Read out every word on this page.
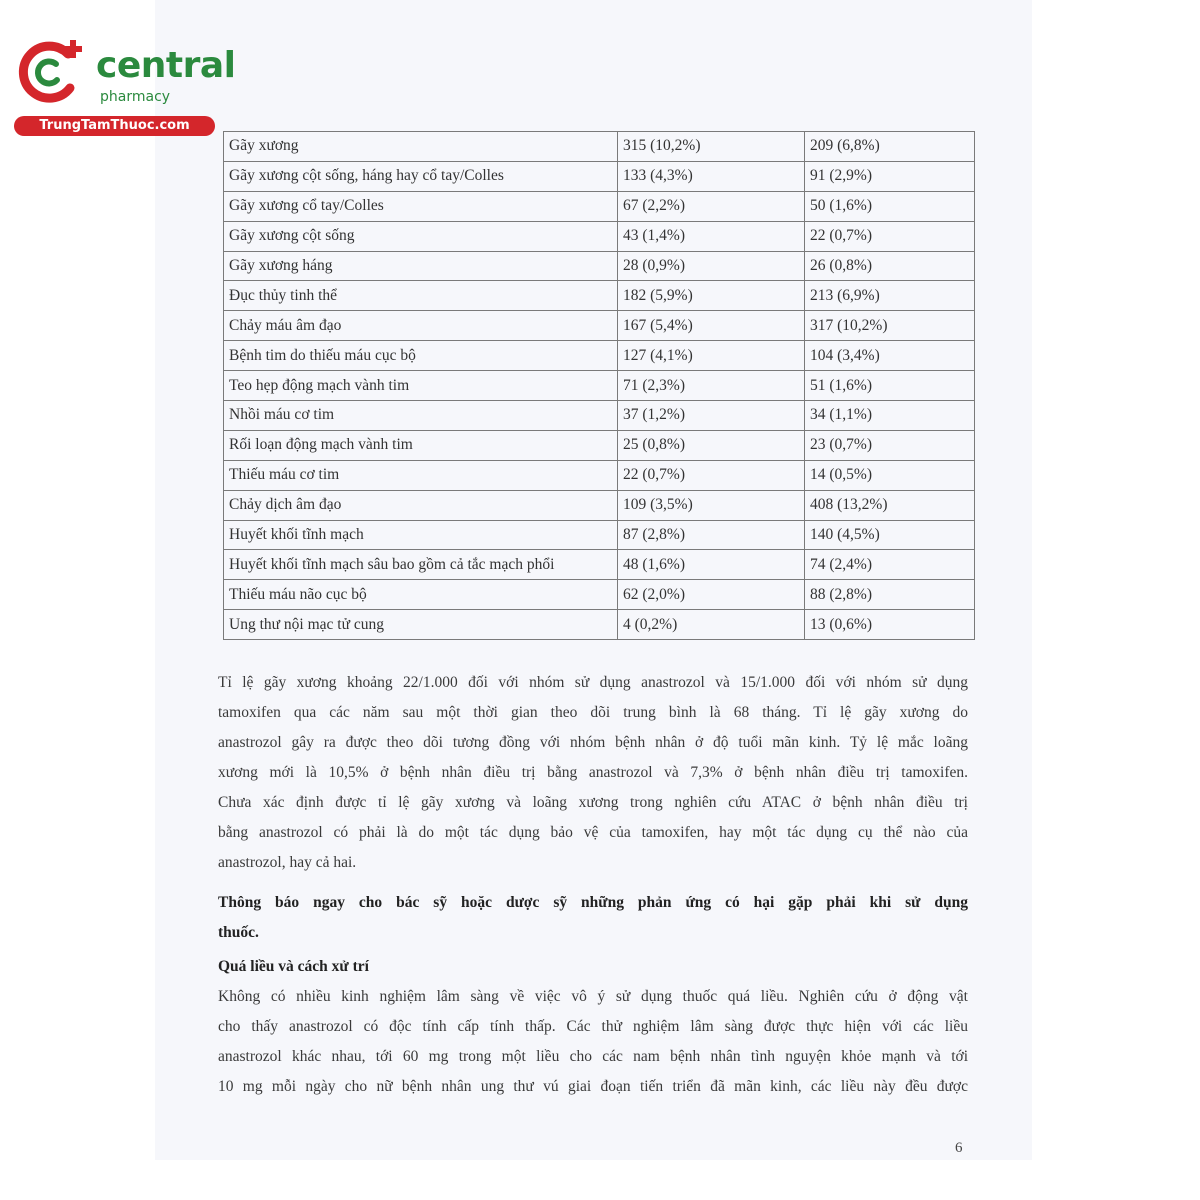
central
pharmacy
TrungTamThuoc.com
Gãy xương	315 (10,2%)	209 (6,8%)
Gãy xương cột sống, háng hay cổ tay/Colles	133 (4,3%)	91 (2,9%)
Gãy xương cổ tay/Colles	67 (2,2%)	50 (1,6%)
Gãy xương cột sống	43 (1,4%)	22 (0,7%)
Gãy xương háng	28 (0,9%)	26 (0,8%)
Đục thủy tinh thể	182 (5,9%)	213 (6,9%)
Chảy máu âm đạo	167 (5,4%)	317 (10,2%)
Bệnh tim do thiếu máu cục bộ	127 (4,1%)	104 (3,4%)
Teo hẹp động mạch vành tim	71 (2,3%)	51 (1,6%)
Nhồi máu cơ tim	37 (1,2%)	34 (1,1%)
Rối loạn động mạch vành tim	25 (0,8%)	23 (0,7%)
Thiếu máu cơ tim	22 (0,7%)	14 (0,5%)
Chảy dịch âm đạo	109 (3,5%)	408 (13,2%)
Huyết khối tĩnh mạch	87 (2,8%)	140 (4,5%)
Huyết khối tĩnh mạch sâu bao gồm cả tắc mạch phổi	48 (1,6%)	74 (2,4%)
Thiếu máu não cục bộ	62 (2,0%)	88 (2,8%)
Ung thư nội mạc tử cung	4 (0,2%)	13 (0,6%)

Tỉ lệ gãy xương khoảng 22/1.000 đối với nhóm sử dụng anastrozol và 15/1.000 đối với nhóm sử dụng

tamoxifen qua các năm sau một thời gian theo dõi trung bình là 68 tháng. Tỉ lệ gãy xương do

anastrozol gây ra được theo dõi tương đồng với nhóm bệnh nhân ở độ tuổi mãn kinh. Tỷ lệ mắc loãng

xương mới là 10,5% ở bệnh nhân điều trị bằng anastrozol và 7,3% ở bệnh nhân điều trị tamoxifen.

Chưa xác định được tỉ lệ gãy xương và loãng xương trong nghiên cứu ATAC ở bệnh nhân điều trị

bằng anastrozol có phải là do một tác dụng bảo vệ của tamoxifen, hay một tác dụng cụ thể nào của

anastrozol, hay cả hai.

Thông báo ngay cho bác sỹ hoặc dược sỹ những phản ứng có hại gặp phải khi sử dụng

thuốc.

Quá liều và cách xử trí

Không có nhiều kinh nghiệm lâm sàng về việc vô ý sử dụng thuốc quá liều. Nghiên cứu ở động vật

cho thấy anastrozol có độc tính cấp tính thấp. Các thử nghiệm lâm sàng được thực hiện với các liều

anastrozol khác nhau, tới 60 mg trong một liều cho các nam bệnh nhân tình nguyện khỏe mạnh và tới

10 mg mỗi ngày cho nữ bệnh nhân ung thư vú giai đoạn tiến triển đã mãn kinh, các liều này đều được

6
